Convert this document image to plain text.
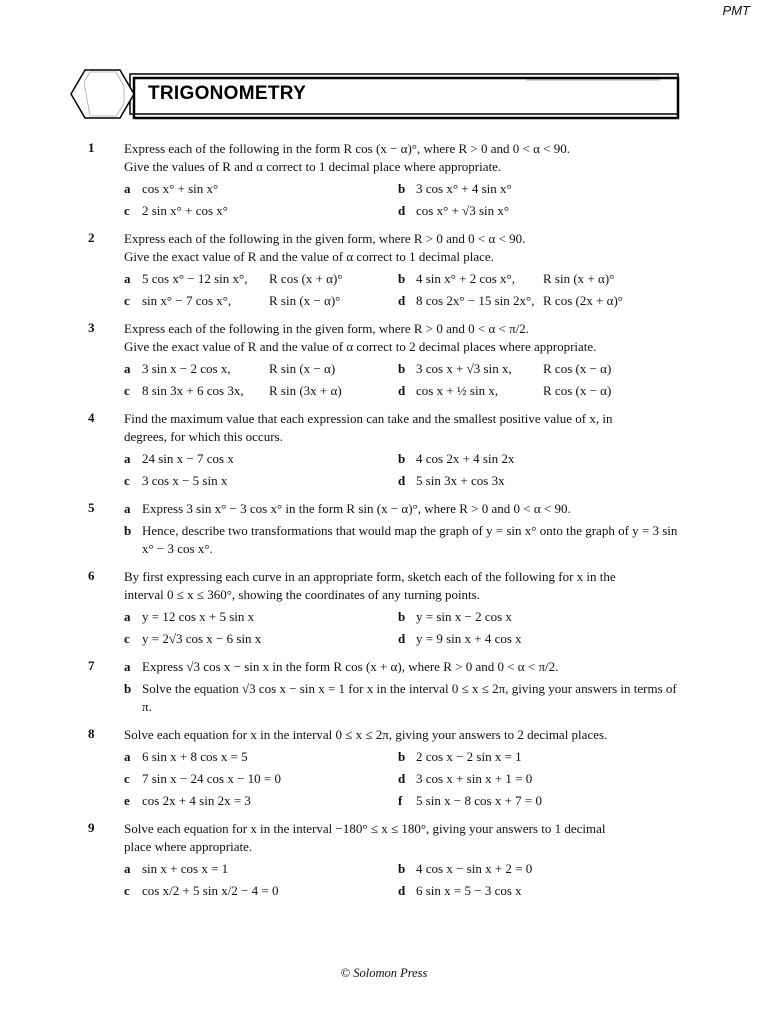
PMT
TRIGONOMETRY
1 Express each of the following in the form R cos (x − α)°, where R > 0 and 0 < α < 90.
Give the values of R and α correct to 1 decimal place where appropriate.
a cos x° + sin x°	b 3 cos x° + 4 sin x°
c 2 sin x° + cos x°	d cos x° + √3 sin x°
2 Express each of the following in the given form, where R > 0 and 0 < α < 90.
Give the exact value of R and the value of α correct to 1 decimal place.
a 5 cos x° − 12 sin x°,	R cos (x + α)°	b 4 sin x° + 2 cos x°,	R sin (x + α)°
c sin x° − 7 cos x°,	R sin (x − α)°	d 8 cos 2x° − 15 sin 2x°, R cos (2x + α)°
3 Express each of the following in the given form, where R > 0 and 0 < α < π/2.
Give the exact value of R and the value of α correct to 2 decimal places where appropriate.
a 3 sin x − 2 cos x,	R sin (x − α)	b 3 cos x + √3 sin x,	R cos (x − α)
c 8 sin 3x + 6 cos 3x,	R sin (3x + α)	d cos x + ½ sin x,	R cos (x − α)
4 Find the maximum value that each expression can take and the smallest positive value of x, in
degrees, for which this occurs.
a 24 sin x − 7 cos x	b 4 cos 2x + 4 sin 2x
c 3 cos x − 5 sin x	d 5 sin 3x + cos 3x
5 a Express 3 sin x° − 3 cos x° in the form R sin (x − α)°, where R > 0 and 0 < α < 90.
b Hence, describe two transformations that would map the graph of y = sin x° onto the graph of y = 3 sin x° − 3 cos x°.
6 By first expressing each curve in an appropriate form, sketch each of the following for x in the
interval 0 ≤ x ≤ 360°, showing the coordinates of any turning points.
a y = 12 cos x + 5 sin x	b y = sin x − 2 cos x
c y = 2√3 cos x − 6 sin x	d y = 9 sin x + 4 cos x
7 a Express √3 cos x − sin x in the form R cos (x + α), where R > 0 and 0 < α < π/2.
b Solve the equation √3 cos x − sin x = 1 for x in the interval 0 ≤ x ≤ 2π, giving your answers in terms of π.
8 Solve each equation for x in the interval 0 ≤ x ≤ 2π, giving your answers to 2 decimal places.
a 6 sin x + 8 cos x = 5	b 2 cos x − 2 sin x = 1
c 7 sin x − 24 cos x − 10 = 0	d 3 cos x + sin x + 1 = 0
e cos 2x + 4 sin 2x = 3	f	5 sin x − 8 cos x + 7 = 0
9 Solve each equation for x in the interval −180° ≤ x ≤ 180°, giving your answers to 1 decimal
place where appropriate.
a sin x + cos x = 1	b 4 cos x − sin x + 2 = 0
c cos x/2 + 5 sin x/2 − 4 = 0	d 6 sin x = 5 − 3 cos x
© Solomon Press
